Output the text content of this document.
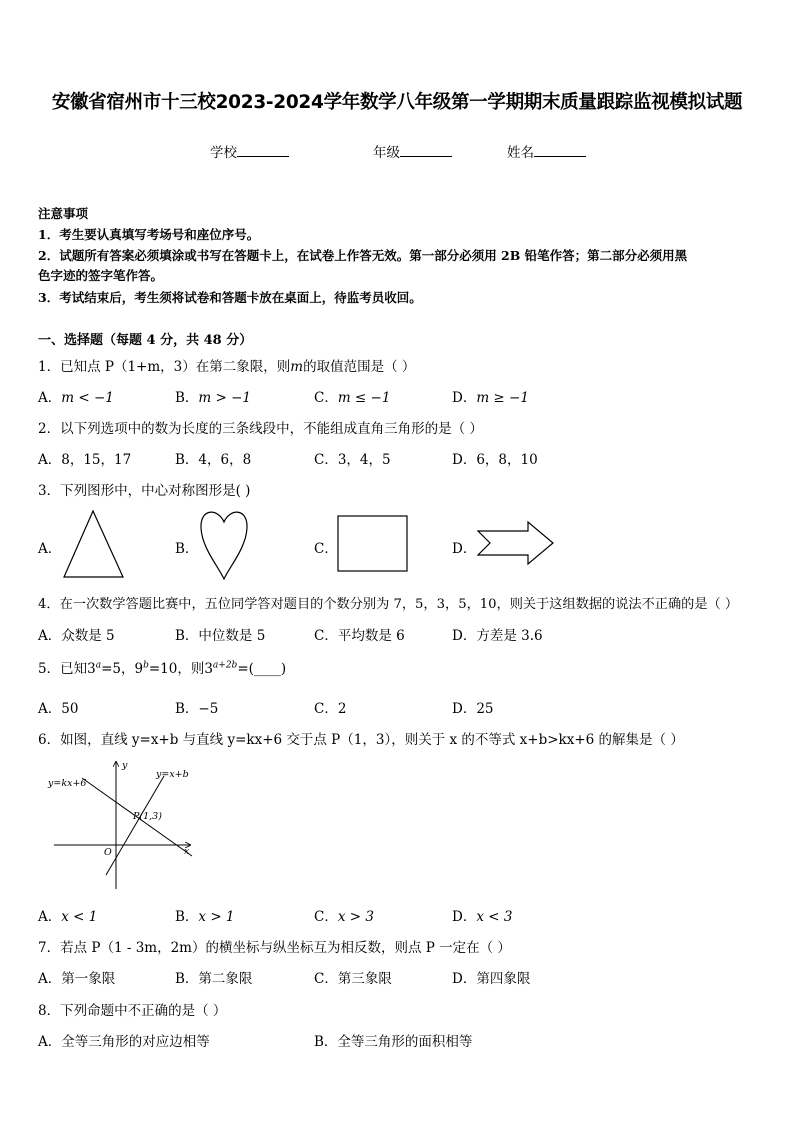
安徽省宿州市十三校2023-2024学年数学八年级第一学期期末质量跟踪监视模拟试题
学校	年级	姓名
注意事项
1．考生要认真填写考场号和座位序号。
2．试题所有答案必须填涂或书写在答题卡上，在试卷上作答无效。第一部分必须用 2B 铅笔作答；第二部分必须用黑
色字迹的签字笔作答。
3．考试结束后，考生须将试卷和答题卡放在桌面上，待监考员收回。
一、选择题（每题 4 分，共 48 分）
1．已知点 P（1+m，3）在第二象限，则m的取值范围是（ ）
A．m < −1	B．m > −1	C．m ≤ −1	D．m ≥ −1
2．以下列选项中的数为长度的三条线段中，不能组成直角三角形的是（ ）
A．8，15，17	B．4，6，8	C．3，4，5	D．6，8，10
3．下列图形中，中心对称图形是( )
A．	B．	C．	D．
4．在一次数学答题比赛中，五位同学答对题目的个数分别为 7，5，3，5，10，则关于这组数据的说法不正确的是（ ）
A．众数是 5	B．中位数是 5	C．平均数是 6	D．方差是 3.6
5．已知$3^a=5$，$9^b=10$，则$3^{a+2b}=(\_\_\_\_)$
A．50	B．−5	C．2	D．25
6．如图，直线 y=x+b 与直线 y=kx+6 交于点 P（1，3），则关于 x 的不等式 x+b>kx+6 的解集是（ ）
y=kx+6
y=x+b
P(1,3)
O	x
y
A．x < 1	B．x > 1	C．x > 3	D．x < 3
7．若点 P（1 - 3m，2m）的横坐标与纵坐标互为相反数，则点 P 一定在（ ）
A．第一象限	B．第二象限	C．第三象限	D．第四象限
8．下列命题中不正确的是（ ）
A．全等三角形的对应边相等	B．全等三角形的面积相等
